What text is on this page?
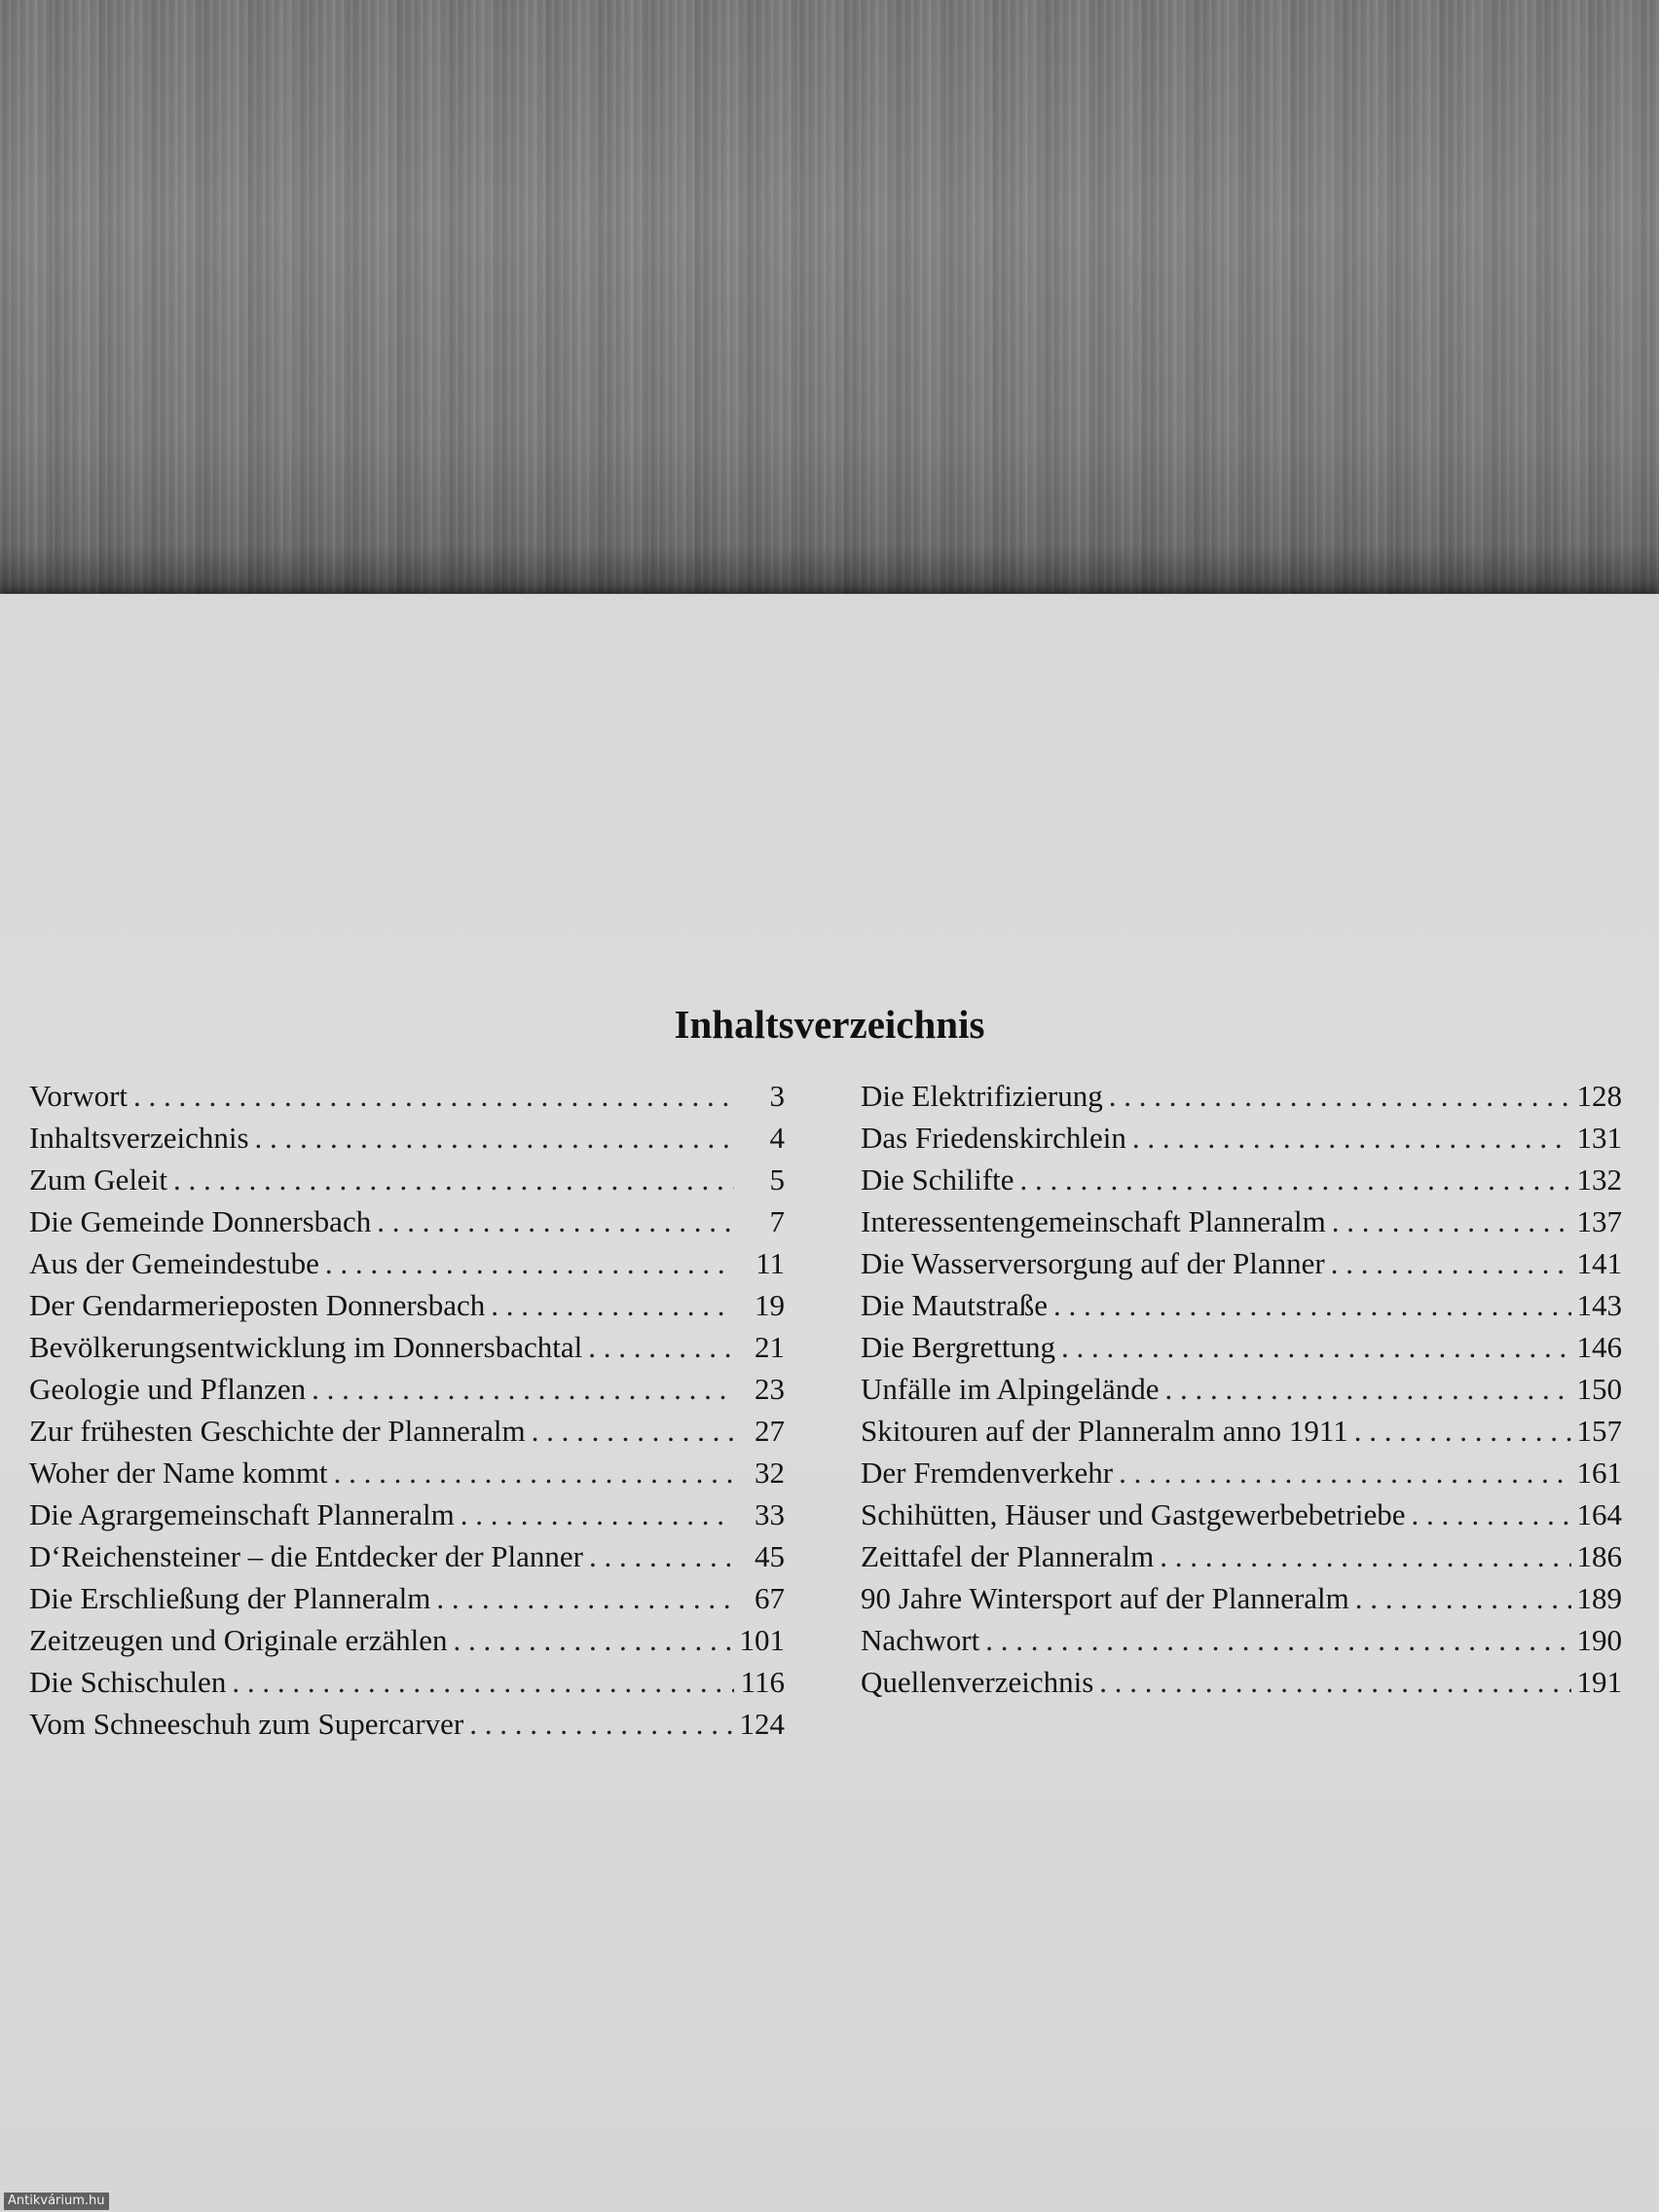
Inhaltsverzeichnis
Vorwort . . .	3
Inhaltsverzeichnis . . .	4
Zum Geleit . . .	5
Die Gemeinde Donnersbach . . .	7
Aus der Gemeindestube . . .	11
Der Gendarmerieposten Donnersbach . . .	19
Bevölkerungsentwicklung im Donnersbachtal . . .	21
Geologie und Pflanzen . . .	23
Zur frühesten Geschichte der Planneralm . . .	27
Woher der Name kommt . . .	32
Die Agrargemeinschaft Planneralm . . .	33
D‘Reichensteiner – die Entdecker der Planner . . .	45
Die Erschließung der Planneralm . . .	67
Zeitzeugen und Originale erzählen . . .	101
Die Schischulen . . .	116
Vom Schneeschuh zum Supercarver . . .	124
Die Elektrifizierung . . .	128
Das Friedenskirchlein . . .	131
Die Schilifte . . .	132
Interessentengemeinschaft Planneralm . . .	137
Die Wasserversorgung auf der Planner . . .	141
Die Mautstraße . . .	143
Die Bergrettung . . .	146
Unfälle im Alpingelände . . .	150
Skitouren auf der Planneralm anno 1911 . . .	157
Der Fremdenverkehr . . .	161
Schihütten, Häuser und Gastgewerbebetriebe . . .	164
Zeittafel der Planneralm . . .	186
90 Jahre Wintersport auf der Planneralm . . .	189
Nachwort . . .	190
Quellenverzeichnis . . .	191
Antikvárium.hu
